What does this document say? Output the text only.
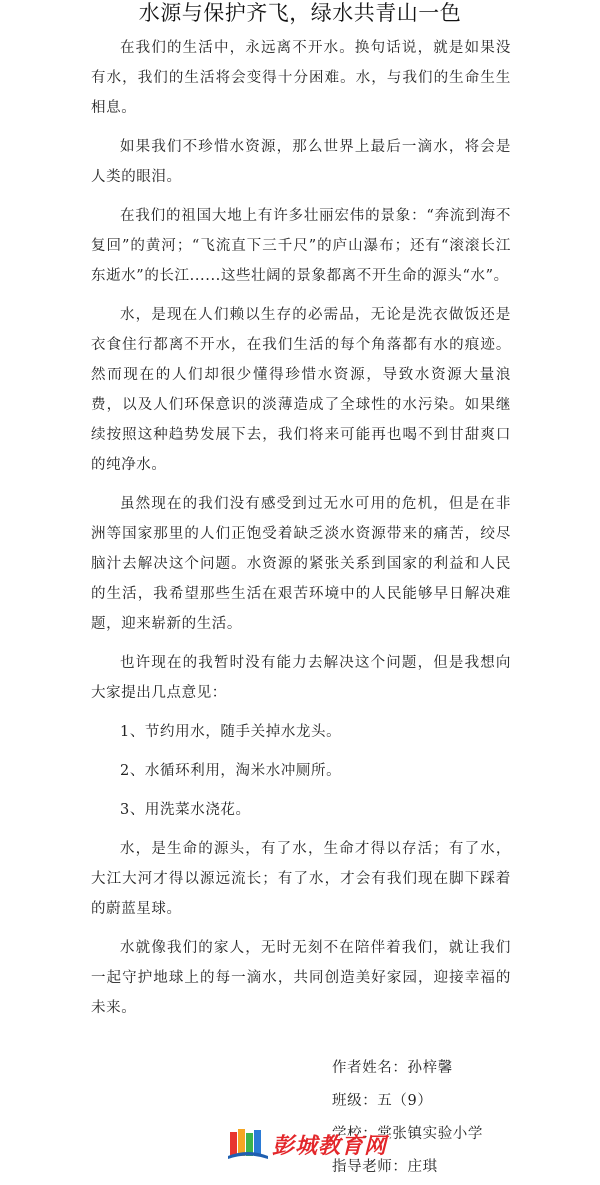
水源与保护齐飞，绿水共青山一色

在我们的生活中，永远离不开水。换句话说，就是如果没有水，我们的生活将会变得十分困难。水，与我们的生命生生相息。

如果我们不珍惜水资源，那么世界上最后一滴水，将会是人类的眼泪。

在我们的祖国大地上有许多壮丽宏伟的景象：“奔流到海不复回”的黄河；“飞流直下三千尺”的庐山瀑布；还有“滚滚长江东逝水”的长江......这些壮阔的景象都离不开生命的源头“水”。

水，是现在人们赖以生存的必需品，无论是洗衣做饭还是衣食住行都离不开水，在我们生活的每个角落都有水的痕迹。然而现在的人们却很少懂得珍惜水资源，导致水资源大量浪费，以及人们环保意识的淡薄造成了全球性的水污染。如果继续按照这种趋势发展下去，我们将来可能再也喝不到甘甜爽口的纯净水。

虽然现在的我们没有感受到过无水可用的危机，但是在非洲等国家那里的人们正饱受着缺乏淡水资源带来的痛苦，绞尽脑汁去解决这个问题。水资源的紧张关系到国家的利益和人民的生活，我希望那些生活在艰苦环境中的人民能够早日解决难题，迎来崭新的生活。

也许现在的我暂时没有能力去解决这个问题，但是我想向大家提出几点意见：

1、节约用水，随手关掉水龙头。

2、水循环利用，淘米水冲厕所。

3、用洗菜水浇花。

水，是生命的源头，有了水，生命才得以存活；有了水，大江大河才得以源远流长；有了水，才会有我们现在脚下踩着的蔚蓝星球。

水就像我们的家人，无时无刻不在陪伴着我们，就让我们一起守护地球上的每一滴水，共同创造美好家园，迎接幸福的未来。

作者姓名：孙梓馨
班级：五（9）
学校：棠张镇实验小学
指导老师：庄琪
彭城教育网
